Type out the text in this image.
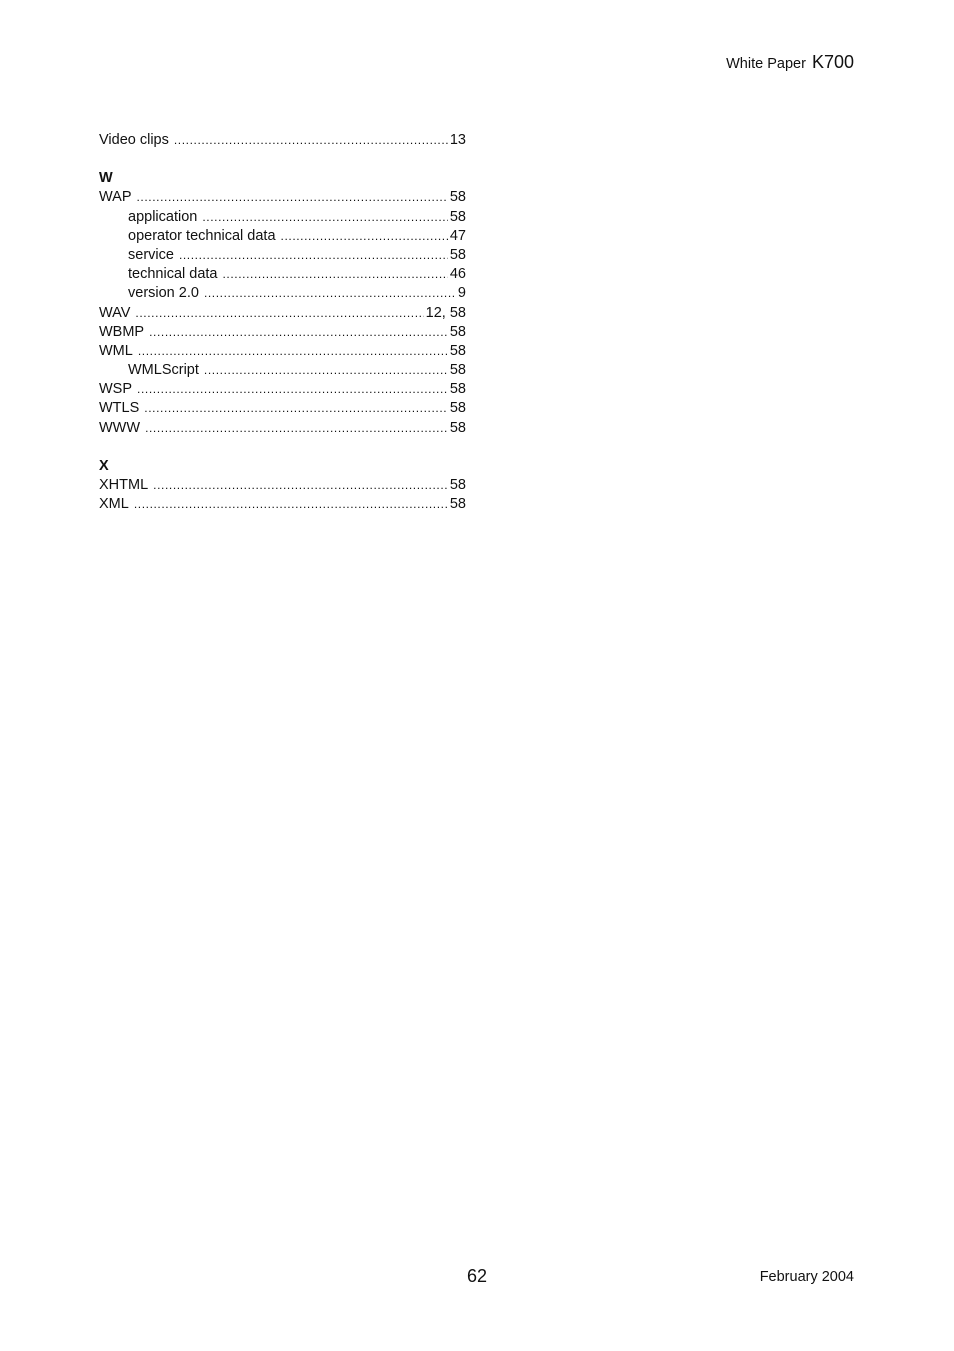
White Paper K700
Video clips .....	13
W
WAP .....	58
application .....	58
operator technical data .....	47
service .....	58
technical data .....	46
version 2.0 .....	9
WAV .....	12, 58
WBMP .....	58
WML .....	58
WMLScript .....	58
WSP .....	58
WTLS .....	58
WWW .....	58
X
XHTML .....	58
XML .....	58
62	February 2004
